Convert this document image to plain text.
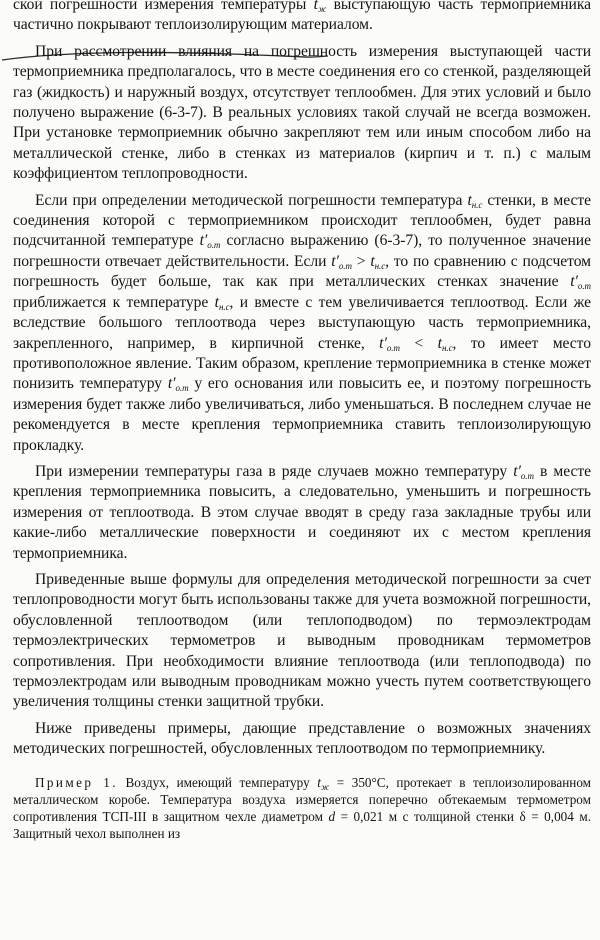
ской погрешности измерения температуры $t_ж$ выступающую часть термоприемника частично покрывают теплоизолирующим материалом.

При рассмотрении влияния на погрешность измерения выступающей части термоприемника предполагалось, что в месте соединения его со стенкой, разделяющей газ (жидкость) и наружный воздух, отсутствует теплообмен. Для этих условий и было получено выражение (6-3-7). В реальных условиях такой случай не всегда возможен. При установке термоприемник обычно закрепляют тем или иным способом либо на металлической стенке, либо в стенках из материалов (кирпич и т. п.) с малым коэффициентом теплопроводности.

Если при определении методической погрешности температура $t_{н.с}$ стенки, в месте соединения которой с термоприемником происходит теплообмен, будет равна подсчитанной температуре $t'_{о.т}$ согласно выражению (6-3-7), то полученное значение погрешности отвечает действительности. Если $t'_{о.т} > t_{н.с}$, то по сравнению с подсчетом погрешность будет больше, так как при металлических стенках значение $t'_{о.т}$ приближается к температуре $t_{н.с}$, и вместе с тем увеличивается теплоотвод. Если же вследствие большого теплоотвода через выступающую часть термоприемника, закрепленного, например, в кирпичной стенке, $t'_{о.т} < t_{н.с}$, то имеет место противоположное явление. Таким образом, крепление термоприемника в стенке может понизить температуру $t'_{о.т}$ у его основания или повысить ее, и поэтому погрешность измерения будет также либо увеличиваться, либо уменьшаться. В последнем случае не рекомендуется в месте крепления термоприемника ставить теплоизолирующую прокладку.

При измерении температуры газа в ряде случаев можно температуру $t'_{о.т}$ в месте крепления термоприемника повысить, а следовательно, уменьшить и погрешность измерения от теплоотвода. В этом случае вводят в среду газа закладные трубы или какие-либо металлические поверхности и соединяют их с местом крепления термоприемника.

Приведенные выше формулы для определения методической погрешности за счет теплопроводности могут быть использованы также для учета возможной погрешности, обусловленной теплоотводом (или теплоподводом) по термоэлектродам термоэлектрических термометров и выводным проводникам термометров сопротивления. При необходимости влияние теплоотвода (или теплоподвода) по термоэлектродам или выводным проводникам можно учесть путем соответствующего увеличения толщины стенки защитной трубки.

Ниже приведены примеры, дающие представление о возможных значениях методических погрешностей, обусловленных теплоотводом по термоприемнику.

Пример 1. Воздух, имеющий температуру $t_ж = 350^\circ С$, протекает в теплоизолированном металлическом коробе. Температура воздуха измеряется поперечно обтекаемым термометром сопротивления ТСП-III в защитном чехле диаметром d = 0,021 м с толщиной стенки δ = 0,004 м. Защитный чехол выполнен из
